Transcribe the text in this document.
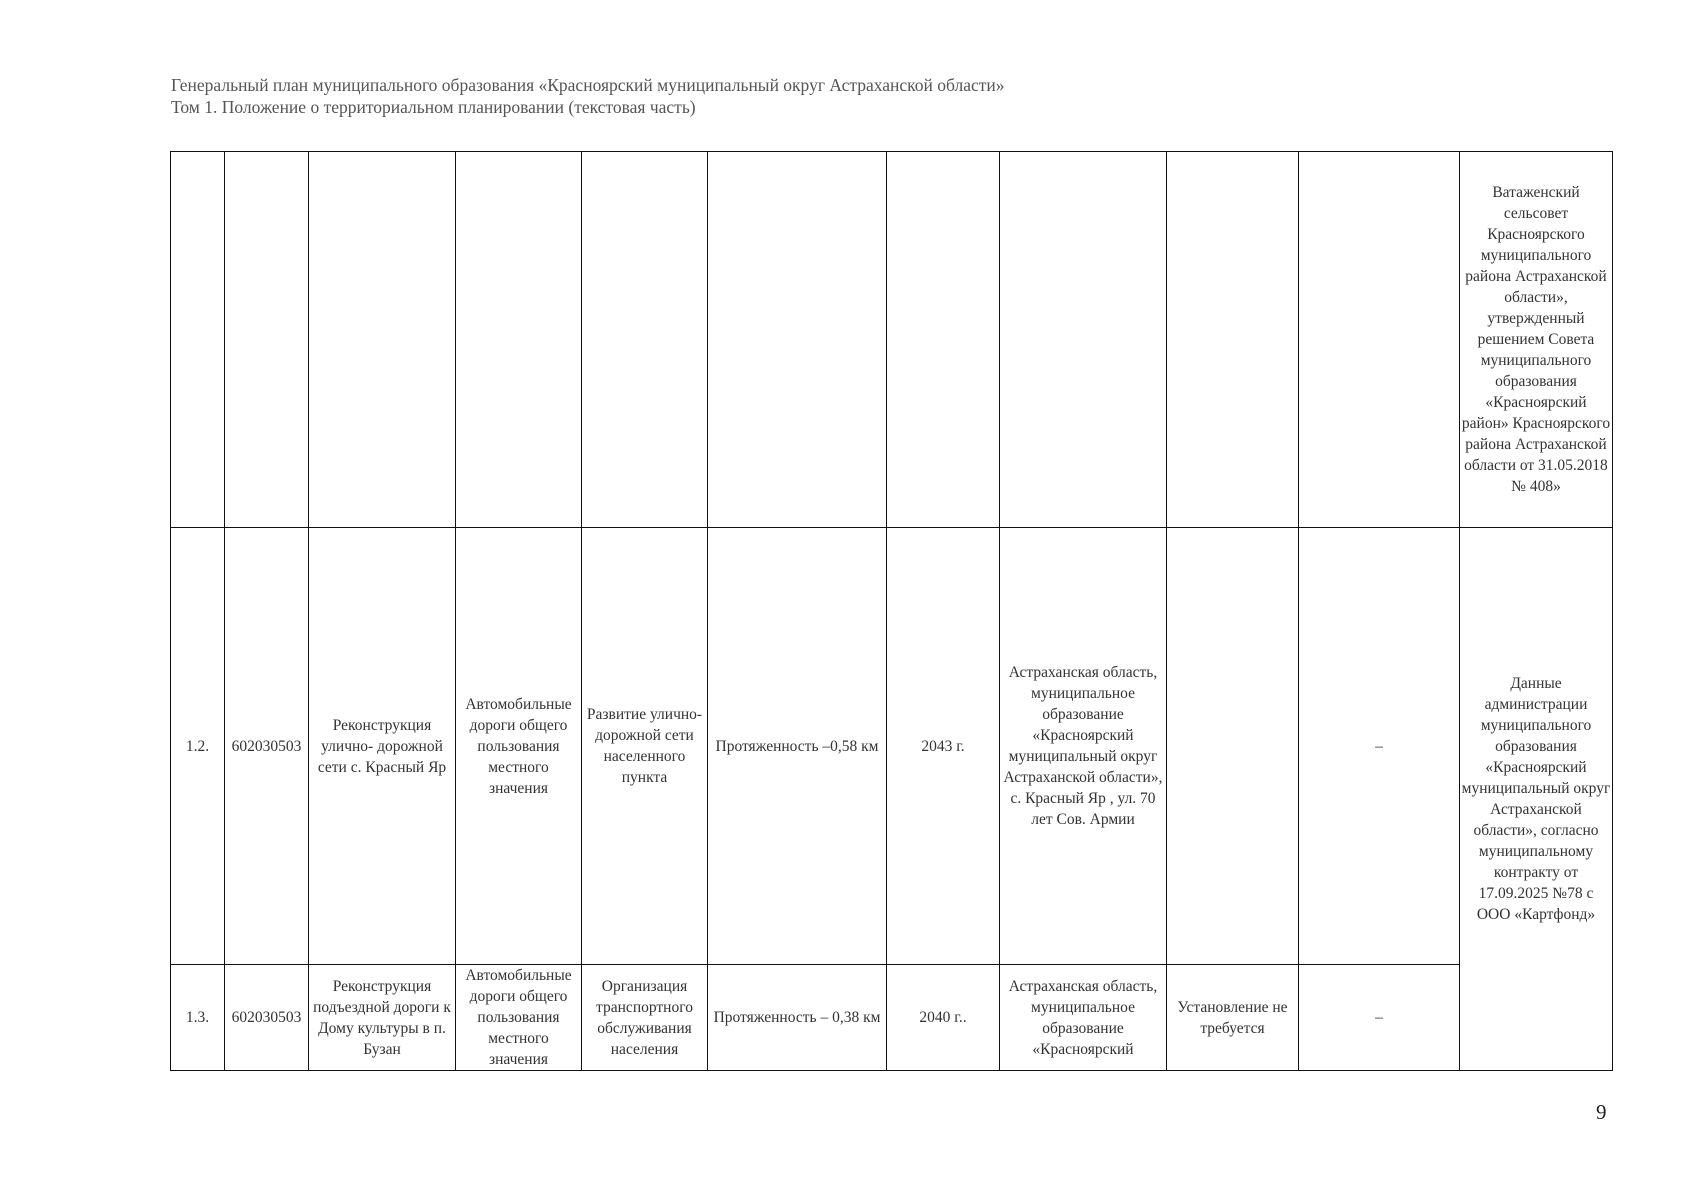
Генеральный план муниципального образования «Красноярский муниципальный округ Астраханской области»
Том 1. Положение о территориальном планировании (текстовая часть)
										Ватаженский сельсовет Красноярского муниципального района Астраханской области», утвержденный решением Совета муниципального образования «Красноярский район» Красноярского района Астраханской области от 31.05.2018 № 408»
1.2.	602030503	Реконструкция улично- дорожной сети с. Красный Яр	Автомобильные дороги общего пользования местного значения	Развитие улично-дорожной сети населенного пункта	Протяженность –0,58 км	2043 г.	Астраханская область, муниципальное образование «Красноярский муниципальный округ Астраханской области», с. Красный Яр , ул. 70 лет Сов. Армии		–	Данные администрации муниципального образования «Красноярский муниципальный округ Астраханской области», согласно муниципальному контракту от 17.09.2025 №78 с ООО «Картфонд»
1.3.	602030503	Реконструкция подъездной дороги к Дому культуры в п. Бузан	Автомобильные дороги общего пользования местного значения	Организация транспортного обслуживания населения	Протяженность – 0,38 км	2040 г..	Астраханская область, муниципальное образование «Красноярский	Установление не требуется	–	
9
